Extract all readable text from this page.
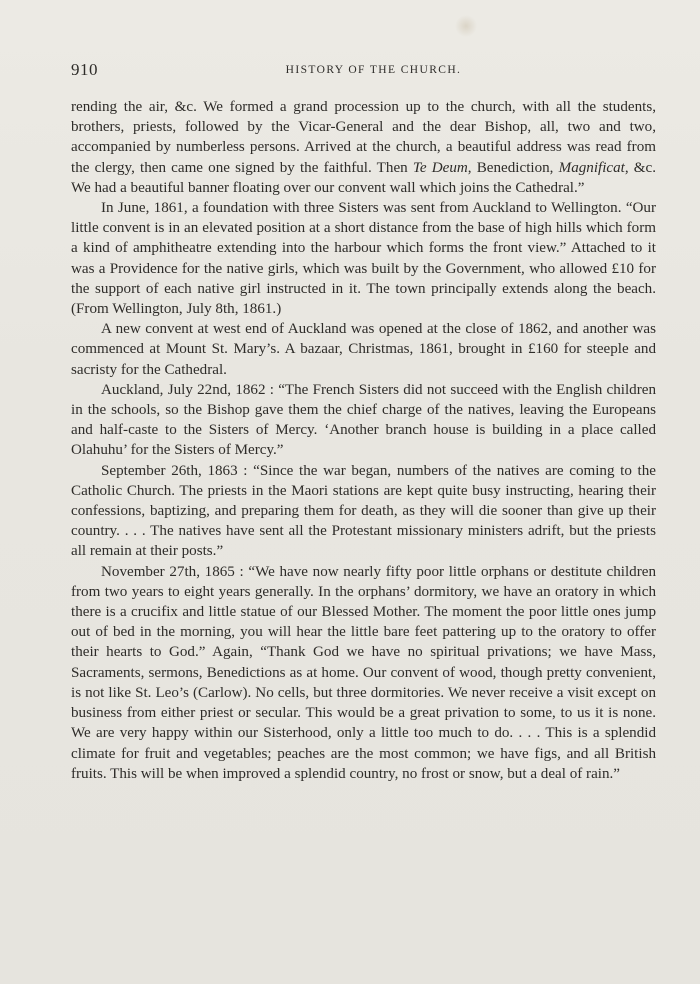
910	HISTORY OF THE CHURCH.

rending the air, &c. We formed a grand procession up to the church, with all the students, brothers, priests, followed by the Vicar-General and the dear Bishop, all, two and two, accompanied by numberless persons. Arrived at the church, a beautiful address was read from the clergy, then came one signed by the faithful. Then Te Deum, Benediction, Magnificat, &c. We had a beautiful banner floating over our convent wall which joins the Cathedral.”

In June, 1861, a foundation with three Sisters was sent from Auckland to Wellington. “Our little convent is in an elevated position at a short distance from the base of high hills which form a kind of amphitheatre extending into the harbour which forms the front view.” Attached to it was a Providence for the native girls, which was built by the Government, who allowed £10 for the support of each native girl instructed in it. The town principally extends along the beach. (From Wellington, July 8th, 1861.)

A new convent at west end of Auckland was opened at the close of 1862, and another was commenced at Mount St. Mary’s. A bazaar, Christmas, 1861, brought in £160 for steeple and sacristy for the Cathedral.

Auckland, July 22nd, 1862 : “The French Sisters did not succeed with the English children in the schools, so the Bishop gave them the chief charge of the natives, leaving the Europeans and half-caste to the Sisters of Mercy. ‘Another branch house is building in a place called Olahuhu’ for the Sisters of Mercy.”

September 26th, 1863 : “Since the war began, numbers of the natives are coming to the Catholic Church. The priests in the Maori stations are kept quite busy instructing, hearing their confessions, baptizing, and preparing them for death, as they will die sooner than give up their country. . . . The natives have sent all the Protestant missionary ministers adrift, but the priests all remain at their posts.”

November 27th, 1865 : “We have now nearly fifty poor little orphans or destitute children from two years to eight years generally. In the orphans’ dormitory, we have an oratory in which there is a crucifix and little statue of our Blessed Mother. The moment the poor little ones jump out of bed in the morning, you will hear the little bare feet pattering up to the oratory to offer their hearts to God.” Again, “Thank God we have no spiritual privations; we have Mass, Sacraments, sermons, Benedictions as at home. Our convent of wood, though pretty convenient, is not like St. Leo’s (Carlow). No cells, but three dormitories. We never receive a visit except on business from either priest or secular. This would be a great privation to some, to us it is none. We are very happy within our Sisterhood, only a little too much to do. . . . This is a splendid climate for fruit and vegetables; peaches are the most common; we have figs, and all British fruits. This will be when improved a splendid country, no frost or snow, but a deal of rain.”
